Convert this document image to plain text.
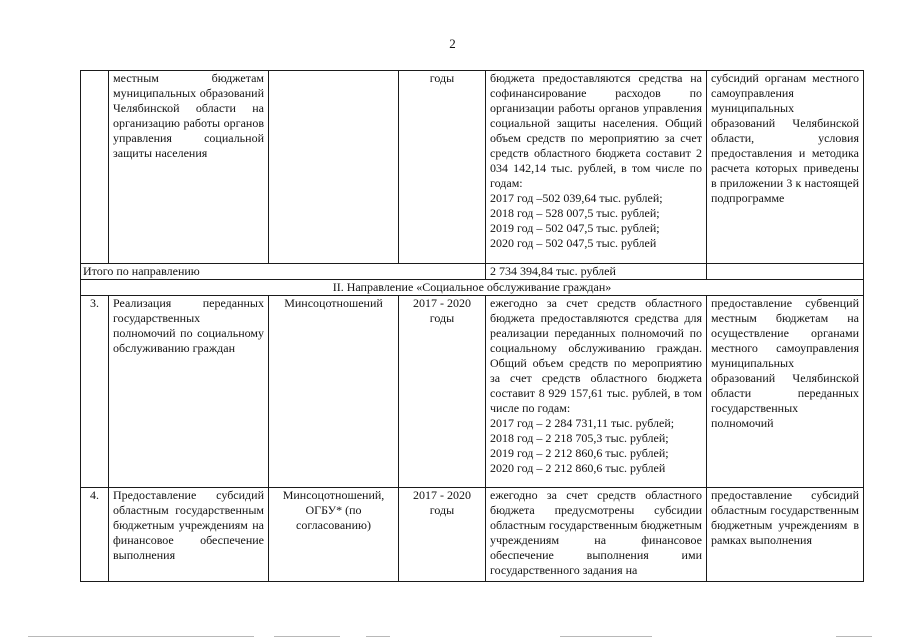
2
	местным бюджетам муниципальных образований Челябинской области на организацию работы органов управления социальной защиты населения		годы	бюджета предоставляются средства на софинансирование расходов по организации работы органов управления социальной защиты населения. Общий объем средств по мероприятию за счет средств областного бюджета составит 2 034 142,14 тыс. рублей, в том числе по годам:
2017 год –502 039,64 тыс. рублей;
2018 год – 528 007,5 тыс. рублей;
2019 год – 502 047,5 тыс. рублей;
2020 год – 502 047,5 тыс. рублей	субсидий органам местного самоуправления муниципальных образований Челябинской области, условия предоставления и методика расчета которых приведены в приложении 3 к настоящей подпрограмме
Итого по направлению				2 734 394,84 тыс. рублей	
II. Направление «Социальное обслуживание граждан»					
3.	Реализация переданных государственных полномочий по социальному обслуживанию граждан	Минсоцотношений	2017 - 2020 годы	ежегодно за счет средств областного бюджета предоставляются средства для реализации переданных полномочий по социальному обслуживанию граждан. Общий объем средств по мероприятию за счет средств областного бюджета составит 8 929 157,61 тыс. рублей, в том числе по годам:
2017 год – 2 284 731,11 тыс. рублей;
2018 год – 2 218 705,3 тыс. рублей;
2019 год – 2 212 860,6 тыс. рублей;
2020 год – 2 212 860,6 тыс. рублей	предоставление субвенций местным бюджетам на осуществление органами местного самоуправления муниципальных образований Челябинской области переданных государственных полномочий

4.	Предоставление субсидий областным государственным бюджетным учреждениям на финансовое обеспечение выполнения	Минсоцотношений, ОГБУ* (по согласованию)	2017 - 2020 годы	ежегодно за счет средств областного бюджета предусмотрены субсидии областным государственным бюджетным учреждениям на финансовое обеспечение выполнения ими государственного задания на	предоставление субсидий областным государственным бюджетным учреждениям в рамках выполнения
